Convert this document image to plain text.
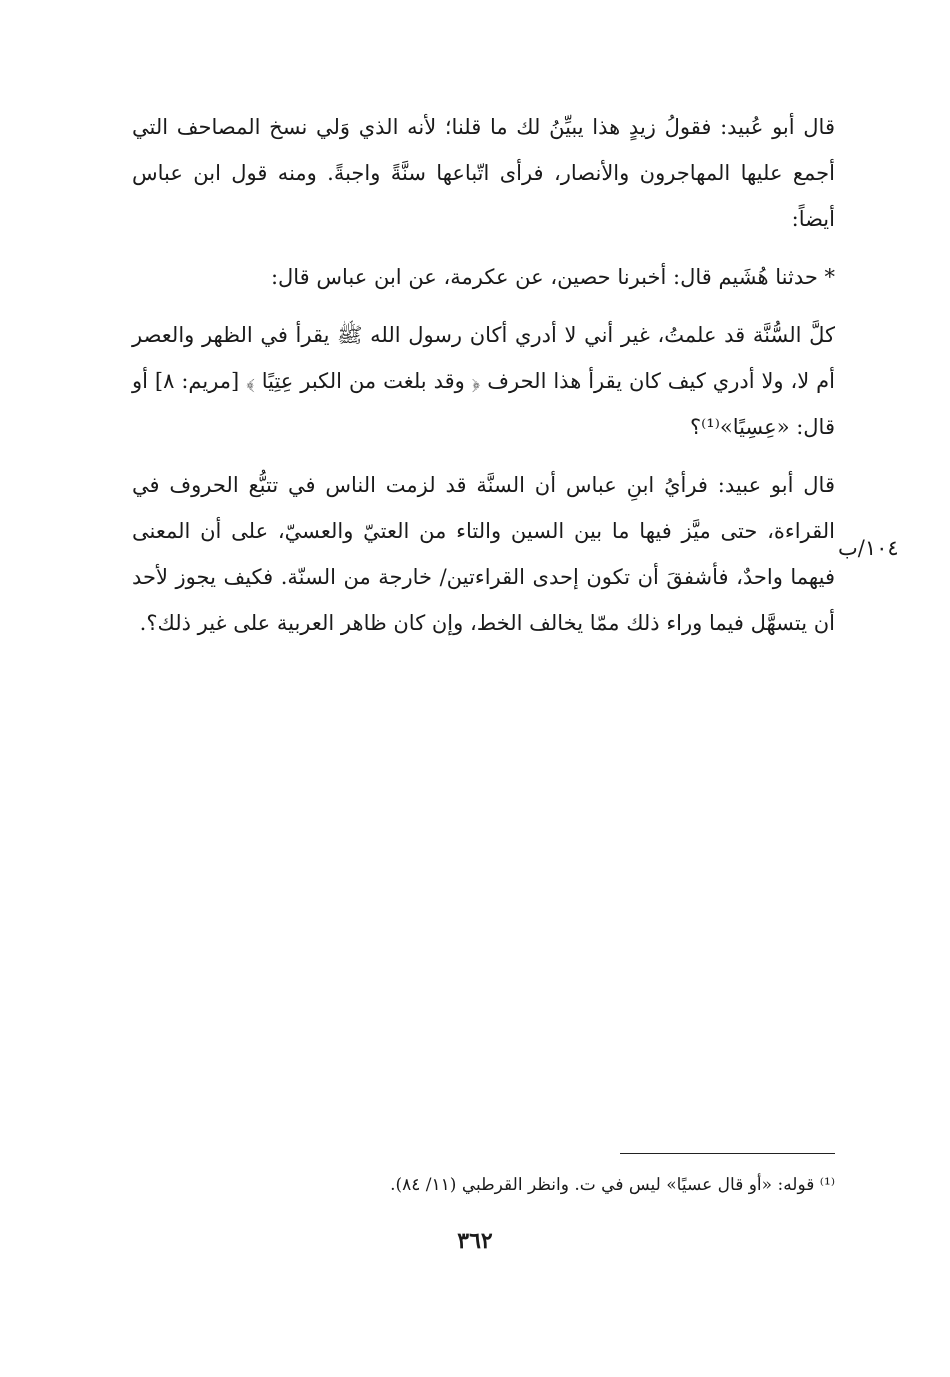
قال أبو عُبيد: فقولُ زيدٍ هذا يبيِّنُ لك ما قلنا؛ لأنه الذي وَلي نسخ المصاحف التي أجمع عليها المهاجرون والأنصار، فرأى اتّباعها سنَّةً واجبةً. ومنه قول ابن عباس أيضاً:

* حدثنا هُشَيم قال: أخبرنا حصين، عن عكرمة، عن ابن عباس قال:

كلَّ السُّنَّة قد علمتُ، غير أني لا أدري أكان رسول الله ﷺ يقرأ في الظهر والعصر أم لا، ولا أدري كيف كان يقرأ هذا الحرف ﴿ وقد بلغت من الكبر عِتِيًا ﴾ [مريم: ٨] أو قال: «عِسِيًا»⁽¹⁾؟

قال أبو عبيد: فرأيُ ابنِ عباس أن السنَّة قد لزمت الناس في تتبُّع الحروف في القراءة، حتى ميَّز فيها ما بين السين والتاء من العتيّ والعسيّ، على أن المعنى فيهما واحدٌ، فأشفقَ أن تكون إحدى القراءتين/ خارجة من السنّة. فكيف يجوز لأحد أن يتسهَّل فيما وراء ذلك ممّا يخالف الخط، وإن كان ظاهر العربية على غير ذلك؟.

١٠٤/ب
⁽¹⁾ قوله: «أو قال عسيًا» ليس في ت. وانظر القرطبي (١١/ ٨٤).
٣٦٢
